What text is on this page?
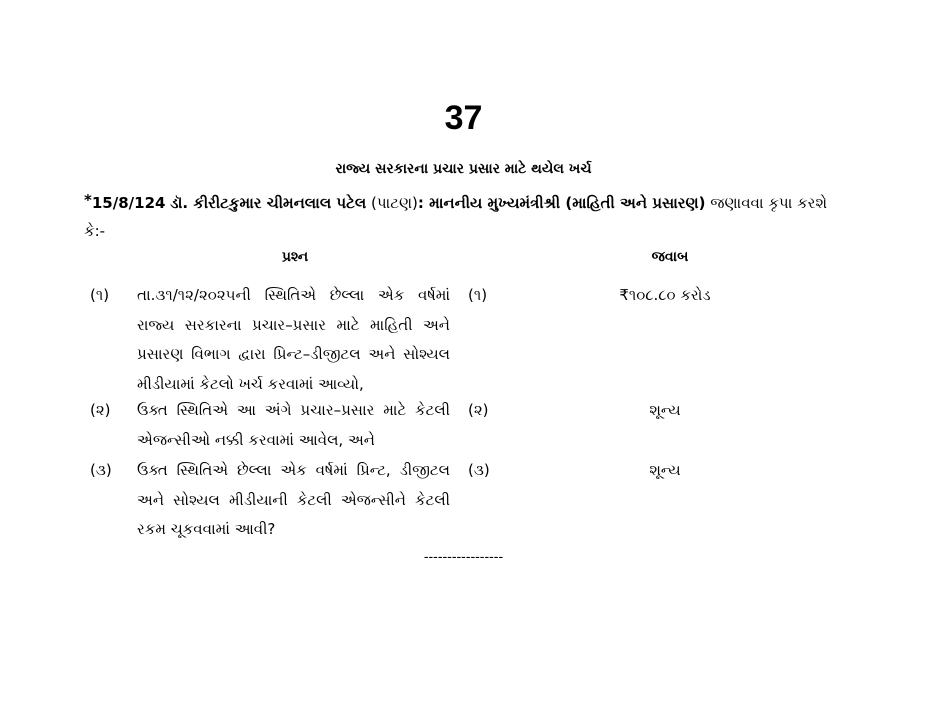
37
રાજ્ય સરકારના પ્રચાર પ્રસાર માટે થયેલ ખર્ચ
*15/8/124 ડૉ. કીરીટકુમાર ચીમનલાલ પટેલ (પાટણ): માનનીય મુખ્યમંત્રીશ્રી (માહિતી અને પ્રસારણ) જણાવવા કૃપા કરશે કે:-
પ્રશ્ન	જવાબ
(૧)	તા.૩૧/૧૨/૨૦૨૫ની સ્થિતિએ છેલ્લા એક વર્ષમાં રાજ્ય સરકારના પ્રચાર–પ્રસાર માટે માહિતી અને પ્રસારણ વિભાગ દ્વારા પ્રિન્ટ–ડીજીટલ અને સોશ્યલ મીડીયામાં કેટલો ખર્ચ કરવામાં આવ્યો,
(૧)	₹૧૦૮.૮૦ કરોડ
(૨)	ઉક્ત સ્થિતિએ આ અંગે પ્રચાર–પ્રસાર માટે કેટલી એજન્સીઓ નક્કી કરવામાં આવેલ, અને
(૨)	શૂન્ય
(૩)	ઉક્ત સ્થિતિએ છેલ્લા એક વર્ષમાં પ્રિન્ટ, ડીજીટલ અને સોશ્યલ મીડીયાની કેટલી એજન્સીને કેટલી રકમ ચૂકવવામાં આવી?
(૩)	શૂન્ય
-----------------
